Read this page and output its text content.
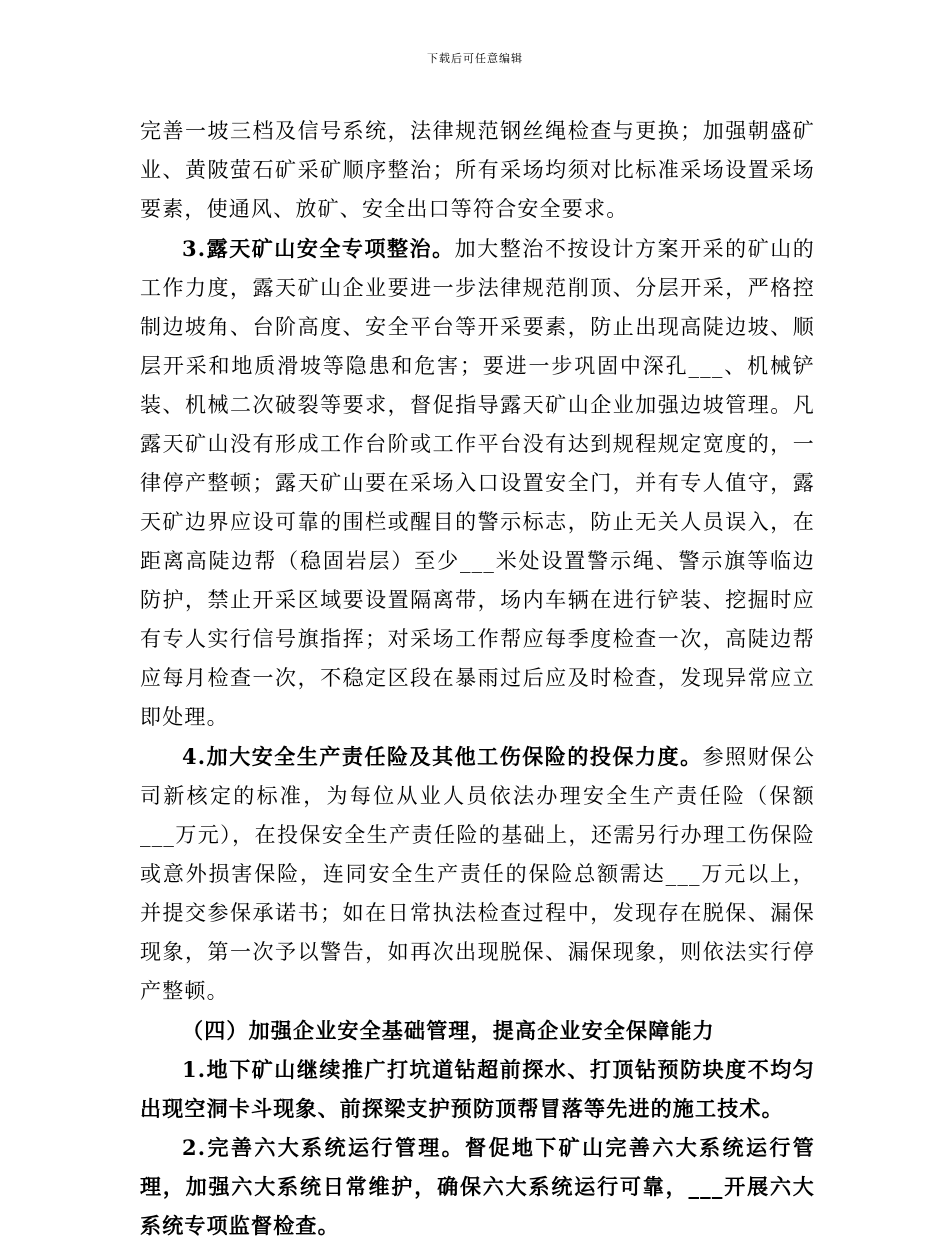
下载后可任意编辑

完善一坡三档及信号系统，法律规范钢丝绳检查与更换；加强朝盛矿业、黄陂萤石矿采矿顺序整治；所有采场均须对比标准采场设置采场要素，使通风、放矿、安全出口等符合安全要求。

3.露天矿山安全专项整治。加大整治不按设计方案开采的矿山的工作力度，露天矿山企业要进一步法律规范削顶、分层开采，严格控制边坡角、台阶高度、安全平台等开采要素，防止出现高陡边坡、顺层开采和地质滑坡等隐患和危害；要进一步巩固中深孔___、机械铲装、机械二次破裂等要求，督促指导露天矿山企业加强边坡管理。凡露天矿山没有形成工作台阶或工作平台没有达到规程规定宽度的，一律停产整顿；露天矿山要在采场入口设置安全门，并有专人值守，露天矿边界应设可靠的围栏或醒目的警示标志，防止无关人员误入，在距离高陡边帮（稳固岩层）至少___米处设置警示绳、警示旗等临边防护，禁止开采区域要设置隔离带，场内车辆在进行铲装、挖掘时应有专人实行信号旗指挥；对采场工作帮应每季度检查一次，高陡边帮应每月检查一次，不稳定区段在暴雨过后应及时检查，发现异常应立即处理。

4.加大安全生产责任险及其他工伤保险的投保力度。参照财保公司新核定的标准，为每位从业人员依法办理安全生产责任险（保额___万元），在投保安全生产责任险的基础上，还需另行办理工伤保险或意外损害保险，连同安全生产责任的保险总额需达___万元以上，并提交参保承诺书；如在日常执法检查过程中，发现存在脱保、漏保现象，第一次予以警告，如再次出现脱保、漏保现象，则依法实行停产整顿。

（四）加强企业安全基础管理，提高企业安全保障能力

1.地下矿山继续推广打坑道钻超前探水、打顶钻预防块度不均匀出现空洞卡斗现象、前探梁支护预防顶帮冒落等先进的施工技术。

2.完善六大系统运行管理。督促地下矿山完善六大系统运行管理，加强六大系统日常维护，确保六大系统运行可靠，___开展六大系统专项监督检查。
